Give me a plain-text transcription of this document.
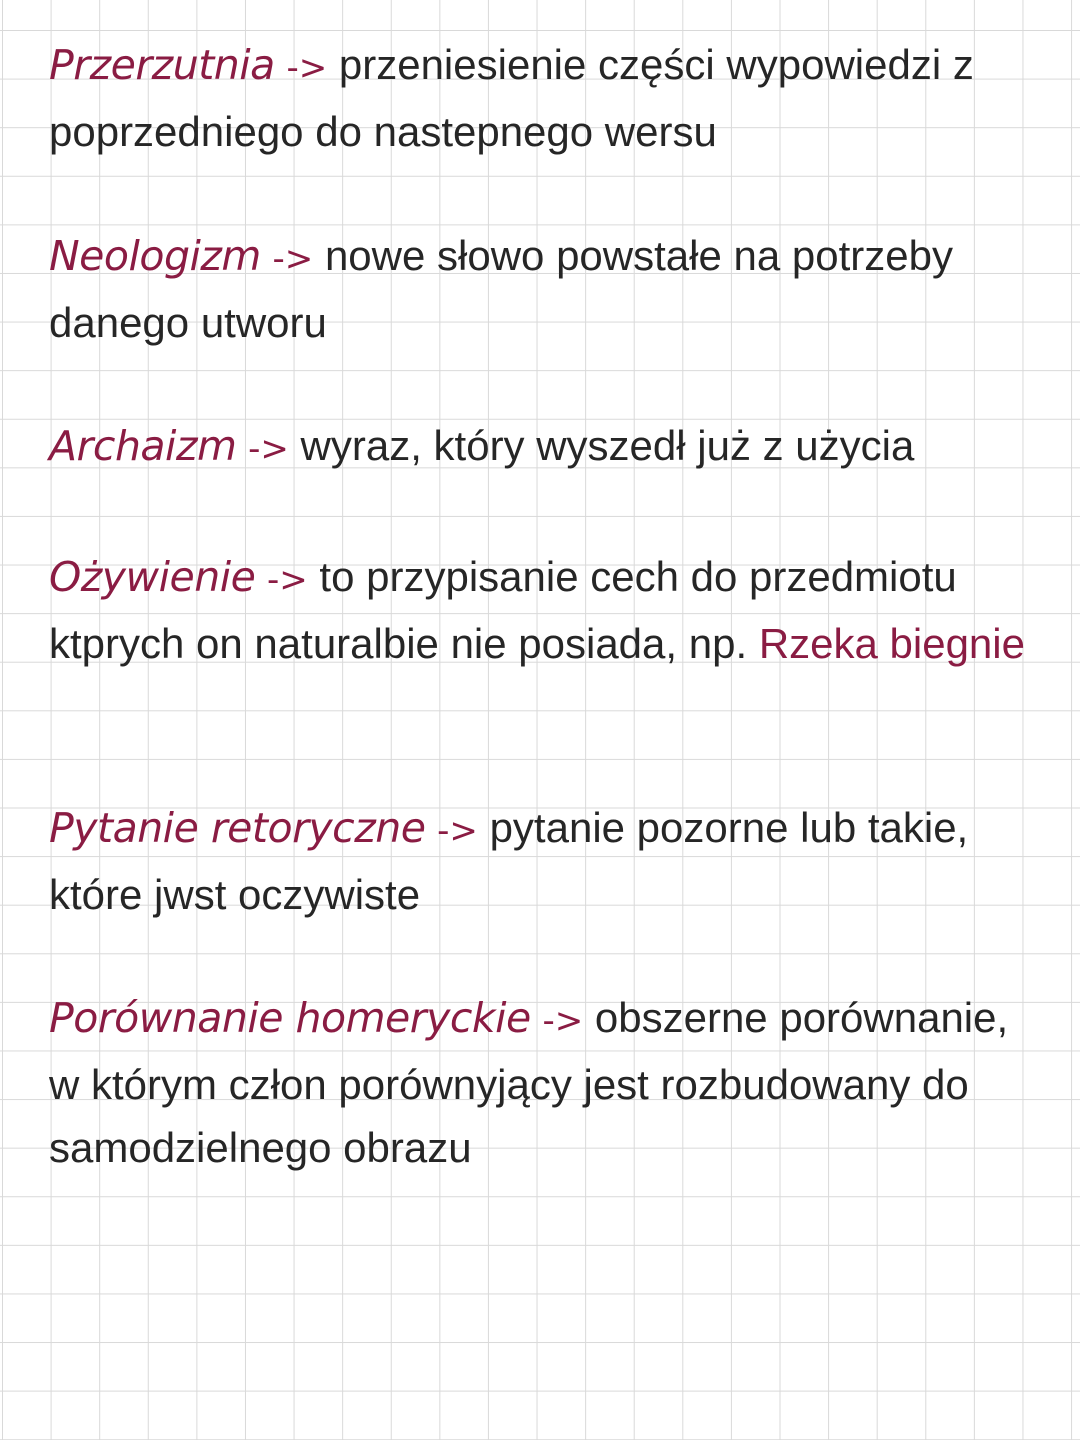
Przerzutnia -> przeniesienie części wypowiedzi z poprzedniego do nastepnego wersu

Neologizm -> nowe słowo powstałe na potrzeby danego utworu

Archaizm -> wyraz, który wyszedł już z użycia

Ożywienie -> to przypisanie cech do przedmiotu ktprych on naturalbie nie posiada, np. Rzeka biegnie

Pytanie retoryczne -> pytanie pozorne lub takie, które jwst oczywiste

Porównanie homeryckie -> obszerne porównanie, w którym człon porównyjący jest rozbudowany do samodzielnego obrazu
